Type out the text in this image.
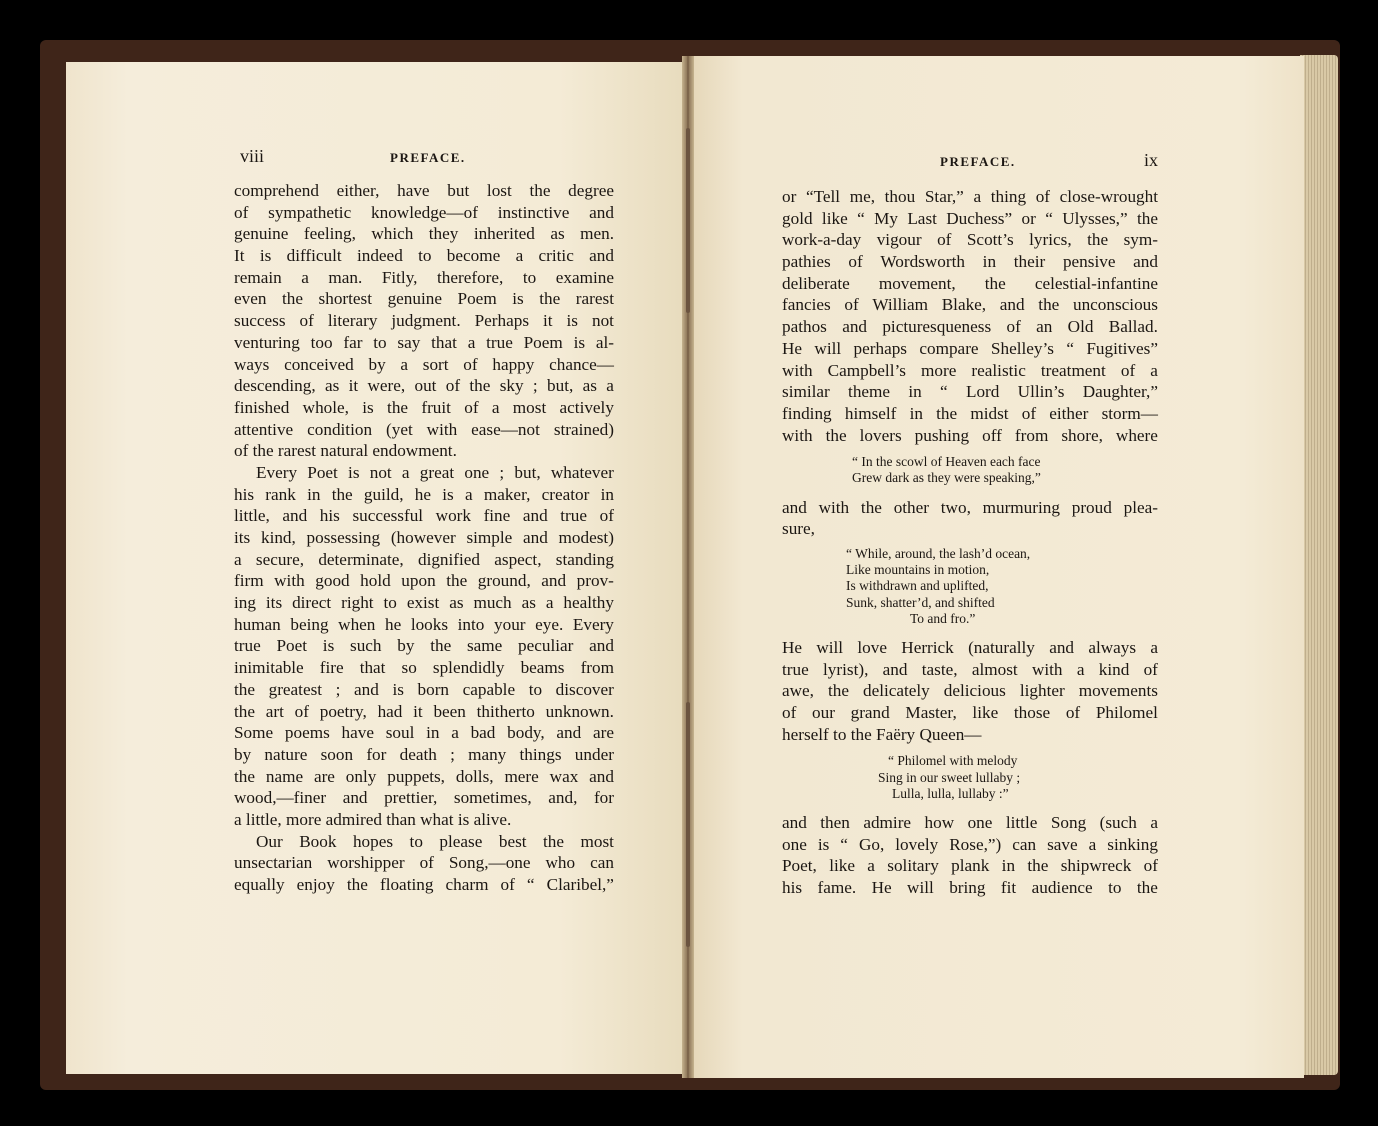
viii	PREFACE.
comprehend either, have but lost the degree
of sympathetic knowledge—of instinctive and
genuine feeling, which they inherited as men.
It is difficult indeed to become a critic and
remain a man. Fitly, therefore, to examine
even the shortest genuine Poem is the rarest
success of literary judgment. Perhaps it is not
venturing too far to say that a true Poem is al-
ways conceived by a sort of happy chance—
descending, as it were, out of the sky ; but, as a
finished whole, is the fruit of a most actively
attentive condition (yet with ease—not strained)
of the rarest natural endowment.
Every Poet is not a great one ; but, whatever
his rank in the guild, he is a maker, creator in
little, and his successful work fine and true of
its kind, possessing (however simple and modest)
a secure, determinate, dignified aspect, standing
firm with good hold upon the ground, and prov-
ing its direct right to exist as much as a healthy
human being when he looks into your eye. Every
true Poet is such by the same peculiar and
inimitable fire that so splendidly beams from
the greatest ; and is born capable to discover
the art of poetry, had it been thitherto unknown.
Some poems have soul in a bad body, and are
by nature soon for death ; many things under
the name are only puppets, dolls, mere wax and
wood,—finer and prettier, sometimes, and, for
a little, more admired than what is alive.
Our Book hopes to please best the most
unsectarian worshipper of Song,—one who can
equally enjoy the floating charm of “ Claribel,”
PREFACE.	ix
or “Tell me, thou Star,” a thing of close-wrought
gold like “ My Last Duchess” or “ Ulysses,” the
work-a-day vigour of Scott’s lyrics, the sym-
pathies of Wordsworth in their pensive and
deliberate movement, the celestial-infantine
fancies of William Blake, and the unconscious
pathos and picturesqueness of an Old Ballad.
He will perhaps compare Shelley’s “ Fugitives”
with Campbell’s more realistic treatment of a
similar theme in “ Lord Ullin’s Daughter,”
finding himself in the midst of either storm—
with the lovers pushing off from shore, where
“ In the scowl of Heaven each face
Grew dark as they were speaking,”
and with the other two, murmuring proud plea-
sure,
“ While, around, the lash’d ocean,
Like mountains in motion,
Is withdrawn and uplifted,
Sunk, shatter’d, and shifted
To and fro.”
He will love Herrick (naturally and always a
true lyrist), and taste, almost with a kind of
awe, the delicately delicious lighter movements
of our grand Master, like those of Philomel
herself to the Faëry Queen—
“ Philomel with melody
Sing in our sweet lullaby ;
Lulla, lulla, lullaby :”
and then admire how one little Song (such a
one is “ Go, lovely Rose,”) can save a sinking
Poet, like a solitary plank in the shipwreck of
his fame. He will bring fit audience to the
